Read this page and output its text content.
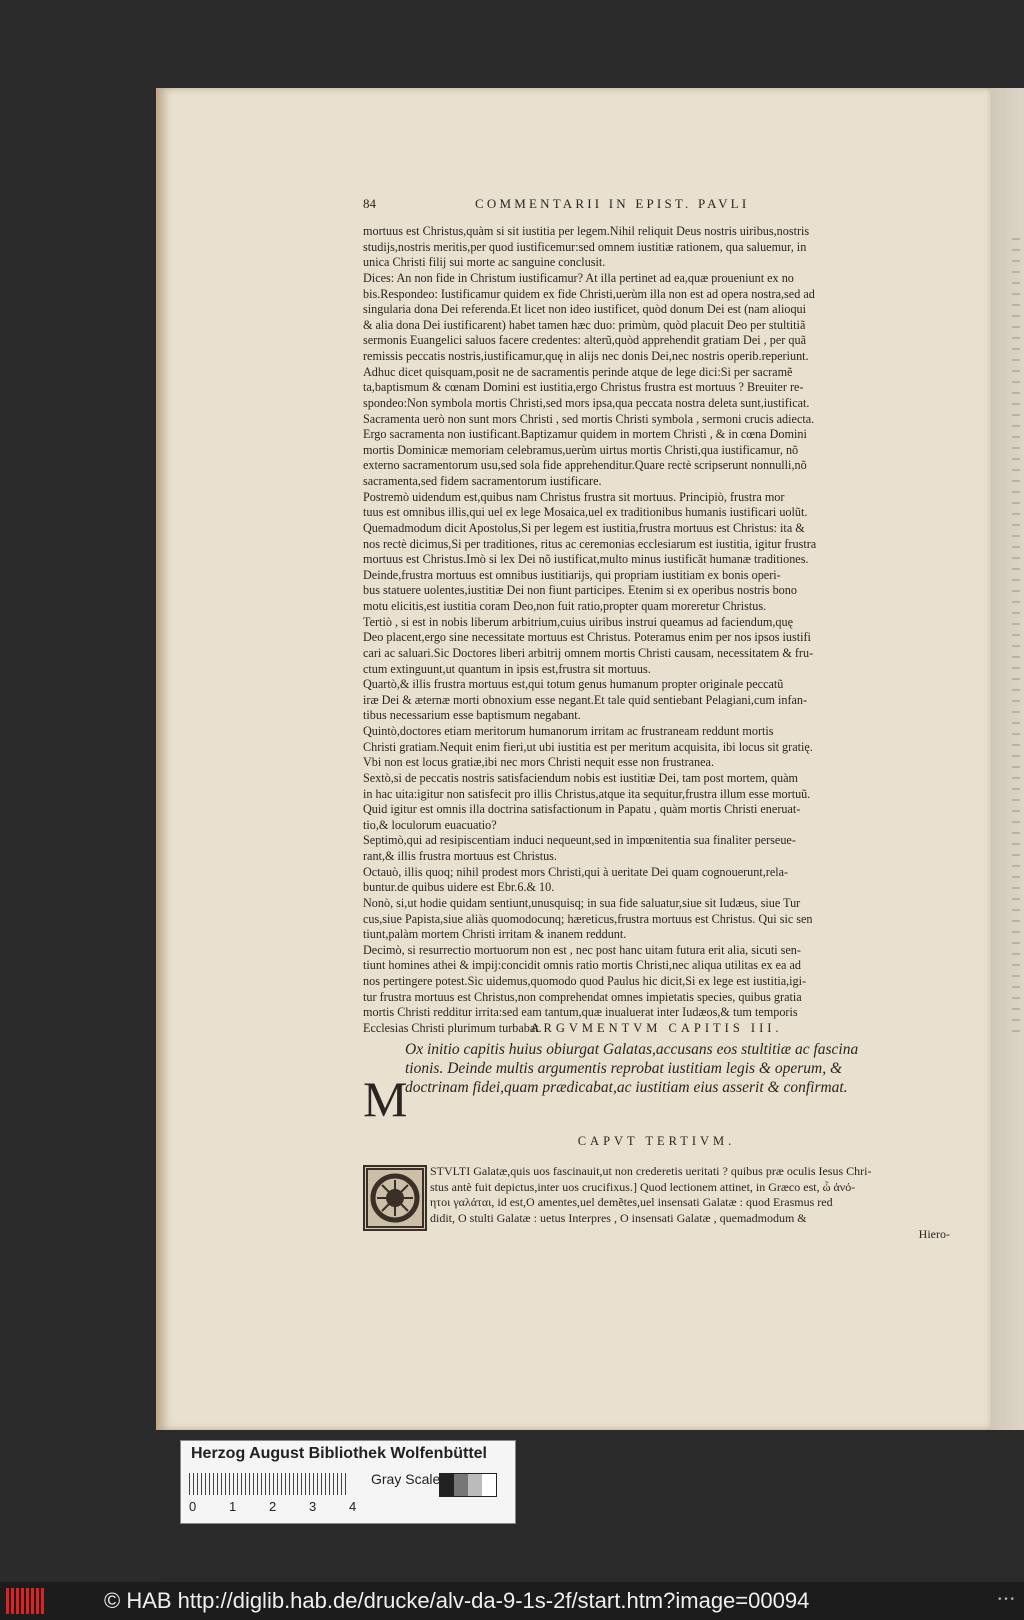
84	COMMENTARII IN EPIST. PAVLI

mortuus est Christus,quàm si sit iustitia per legem.Nihil reliquit Deus nostris uiribus,nostris

studijs,nostris meritis,per quod iustificemur:sed omnem iustitiæ rationem, qua saluemur, in

unica Christi filij sui morte ac sanguine conclusit.

Dices: An non fide in Christum iustificamur? At illa pertinet ad ea,quæ proueniunt ex no

bis.Respondeo: Iustificamur quidem ex fide Christi,uerùm illa non est ad opera nostra,sed ad

singularia dona Dei referenda.Et licet non ideo iustificet, quòd donum Dei est (nam alioqui

& alia dona Dei iustificarent) habet tamen hæc duo: primùm, quòd placuit Deo per stultitiã

sermonis Euangelici saluos facere credentes: alterũ,quòd apprehendit gratiam Dei , per quã

remissis peccatis nostris,iustificamur,quę in alijs nec donis Dei,nec nostris operib.reperiunt.

Adhuc dicet quisquam,posit ne de sacramentis perinde atque de lege dici:Si per sacramẽ

ta,baptismum & cœnam Domini est iustitia,ergo Christus frustra est mortuus ? Breuiter re-

spondeo:Non symbola mortis Christi,sed mors ipsa,qua peccata nostra deleta sunt,iustificat.

Sacramenta uerò non sunt mors Christi , sed mortis Christi symbola , sermoni crucis adiecta.

Ergo sacramenta non iustificant.Baptizamur quidem in mortem Christi , & in cœna Domini

mortis Dominicæ memoriam celebramus,uerùm uirtus mortis Christi,qua iustificamur, nõ

externo sacramentorum usu,sed sola fide apprehenditur.Quare rectè scripserunt nonnulli,nõ

sacramenta,sed fidem sacramentorum iustificare.

Postremò uidendum est,quibus nam Christus frustra sit mortuus. Principiò, frustra mor

tuus est omnibus illis,qui uel ex lege Mosaica,uel ex traditionibus humanis iustificari uolũt.

Quemadmodum dicit Apostolus,Si per legem est iustitia,frustra mortuus est Christus: ita &

nos rectè dicimus,Si per traditiones, ritus ac ceremonias ecclesiarum est iustitia, igitur frustra

mortuus est Christus.Imò si lex Dei nõ iustificat,multo minus iustificãt humanæ traditiones.

Deinde,frustra mortuus est omnibus iustitiarijs, qui propriam iustitiam ex bonis operi-

bus statuere uolentes,iustitiæ Dei non fiunt participes. Etenim si ex operibus nostris bono

motu elicitis,est iustitia coram Deo,non fuit ratio,propter quam moreretur Christus.

Tertiò , si est in nobis liberum arbitrium,cuius uiribus instrui queamus ad faciendum,quę

Deo placent,ergo sine necessitate mortuus est Christus. Poteramus enim per nos ipsos iustifi

cari ac saluari.Sic Doctores liberi arbitrij omnem mortis Christi causam, necessitatem & fru-

ctum extinguunt,ut quantum in ipsis est,frustra sit mortuus.

Quartò,& illis frustra mortuus est,qui totum genus humanum propter originale peccatũ

iræ Dei & æternæ morti obnoxium esse negant.Et tale quid sentiebant Pelagiani,cum infan-

tibus necessarium esse baptismum negabant.

Quintò,doctores etiam meritorum humanorum irritam ac frustraneam reddunt mortis

Christi gratiam.Nequit enim fieri,ut ubi iustitia est per meritum acquisita, ibi locus sit gratię.

Vbi non est locus gratiæ,ibi nec mors Christi nequit esse non frustranea.

Sextò,si de peccatis nostris satisfaciendum nobis est iustitiæ Dei, tam post mortem, quàm

in hac uita:igitur non satisfecit pro illis Christus,atque ita sequitur,frustra illum esse mortuũ.

Quid igitur est omnis illa doctrina satisfactionum in Papatu , quàm mortis Christi eneruat-

tio,& loculorum euacuatio?

Septimò,qui ad resipiscentiam induci nequeunt,sed in impœnitentia sua finaliter perseue-

rant,& illis frustra mortuus est Christus.

Octauò, illis quoq; nihil prodest mors Christi,qui à ueritate Dei quam cognouerunt,rela-

buntur.de quibus uidere est Ebr.6.& 10.

Nonò, si,ut hodie quidam sentiunt,unusquisq; in sua fide saluatur,siue sit Iudæus, siue Tur

cus,siue Papista,siue aliàs quomodocunq; hæreticus,frustra mortuus est Christus. Qui sic sen

tiunt,palàm mortem Christi irritam & inanem reddunt.

Decimò, si resurrectio mortuorum non est , nec post hanc uitam futura erit alia, sicuti sen-

tiunt homines athei & impij:concidit omnis ratio mortis Christi,nec aliqua utilitas ex ea ad

nos pertingere potest.Sic uidemus,quomodo quod Paulus hic dicit,Si ex lege est iustitia,igi-

tur frustra mortuus est Christus,non comprehendat omnes impietatis species, quibus gratia

mortis Christi redditur irrita:sed eam tantum,quæ inualuerat inter Iudæos,& tum temporis

Ecclesias Christi plurimum turbabat.

ARGVMENTVM CAPITIS III.

M

Ox initio capitis huius obiurgat Galatas,accusans eos stultitiæ ac fascina

tionis. Deinde multis argumentis reprobat iustitiam legis & operum, &

doctrinam fidei,quam prædicabat,ac iustitiam eius asserit & confirmat.

CAPVT TERTIVM.

STVLTI Galatæ,quis uos fascinauit,ut non crederetis ueritati ? quibus præ oculis Iesus Chri-

stus antè fuit depictus,inter uos crucifixus.] Quod lectionem attinet, in Græco est, ὦ ἀνό-

ητοι γαλάται, id est,O amentes,uel demẽtes,uel insensati Galatæ : quod Erasmus red

didit, O stulti Galatæ : uetus Interpres , O insensati Galatæ , quemadmodum &

Hiero-
Herzog August Bibliothek Wolfenbüttel
0	1	2	3	4
Gray Scale
© HAB http://diglib.hab.de/drucke/alv-da-9-1s-2f/start.htm?image=00094	• • •
